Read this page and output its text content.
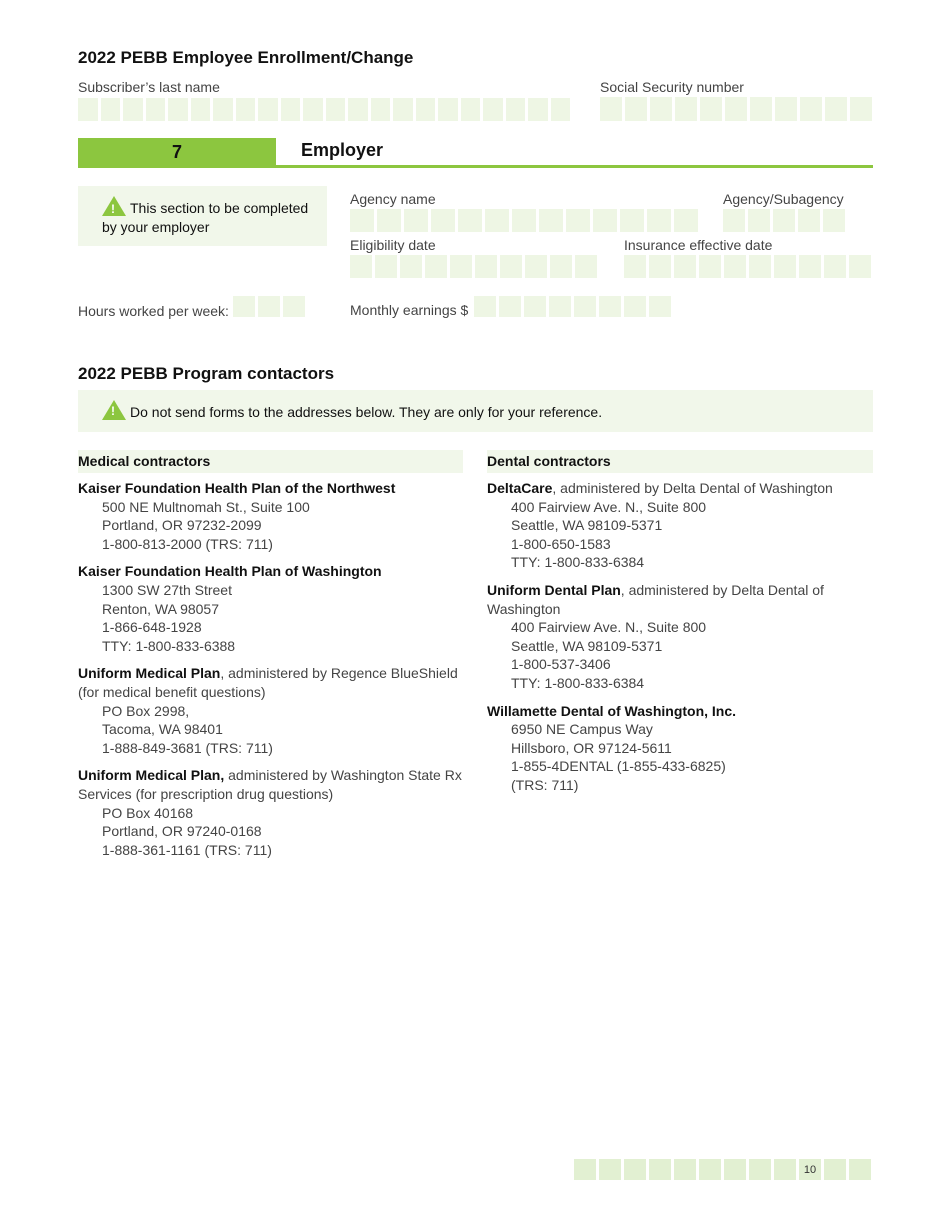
2022 PEBB Employee Enrollment/Change
Subscriber’s last name	Social Security number
7	Employer
! This section to be completed by your employer
Agency name	Agency/Subagency
Eligibility date	Insurance effective date
Hours worked per week:	Monthly earnings $
2022 PEBB Program contactors
! Do not send forms to the addresses below. They are only for your reference.
Medical contractors
Kaiser Foundation Health Plan of the Northwest
500 NE Multnomah St., Suite 100
Portland, OR 97232-2099
1-800-813-2000 (TRS: 711)
Kaiser Foundation Health Plan of Washington
1300 SW 27th Street
Renton, WA 98057
1-866-648-1928
TTY: 1-800-833-6388
Uniform Medical Plan, administered by Regence BlueShield (for medical benefit questions)
PO Box 2998,
Tacoma, WA 98401
1-888-849-3681 (TRS: 711)
Uniform Medical Plan, administered by Washington State Rx Services (for prescription drug questions)
PO Box 40168
Portland, OR 97240-0168
1-888-361-1161 (TRS: 711)
Dental contractors
DeltaCare, administered by Delta Dental of Washington
400 Fairview Ave. N., Suite 800
Seattle, WA 98109-5371
1-800-650-1583
TTY: 1-800-833-6384
Uniform Dental Plan, administered by Delta Dental of Washington
400 Fairview Ave. N., Suite 800
Seattle, WA 98109-5371
1-800-537-3406
TTY: 1-800-833-6384
Willamette Dental of Washington, Inc.
6950 NE Campus Way
Hillsboro, OR 97124-5611
1-855-4DENTAL (1-855-433-6825)
(TRS: 711)
10
